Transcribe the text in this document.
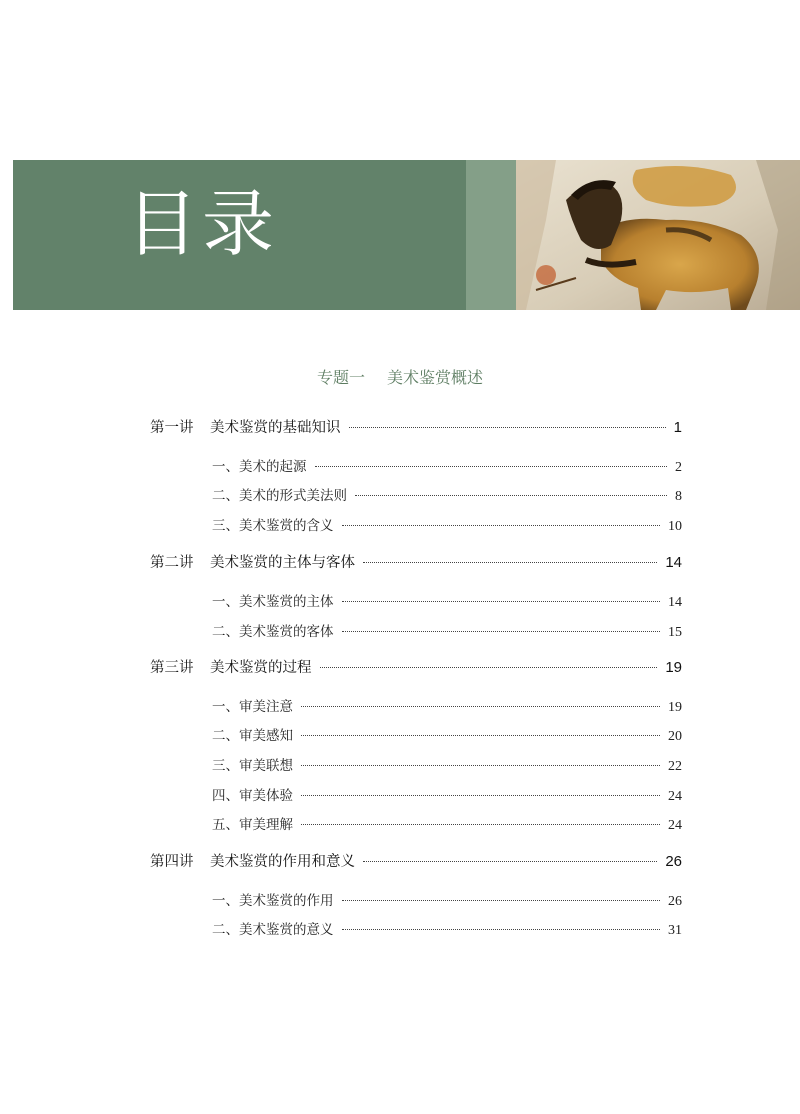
目录
专题一 美术鉴赏概述
第一讲	美术鉴赏的基础知识	1
一、美术的起源	2
二、美术的形式美法则	8
三、美术鉴赏的含义	10
第二讲	美术鉴赏的主体与客体	14
一、美术鉴赏的主体	14
二、美术鉴赏的客体	15
第三讲	美术鉴赏的过程	19
一、审美注意	19
二、审美感知	20
三、审美联想	22
四、审美体验	24
五、审美理解	24
第四讲	美术鉴赏的作用和意义	26
一、美术鉴赏的作用	26
二、美术鉴赏的意义	31
